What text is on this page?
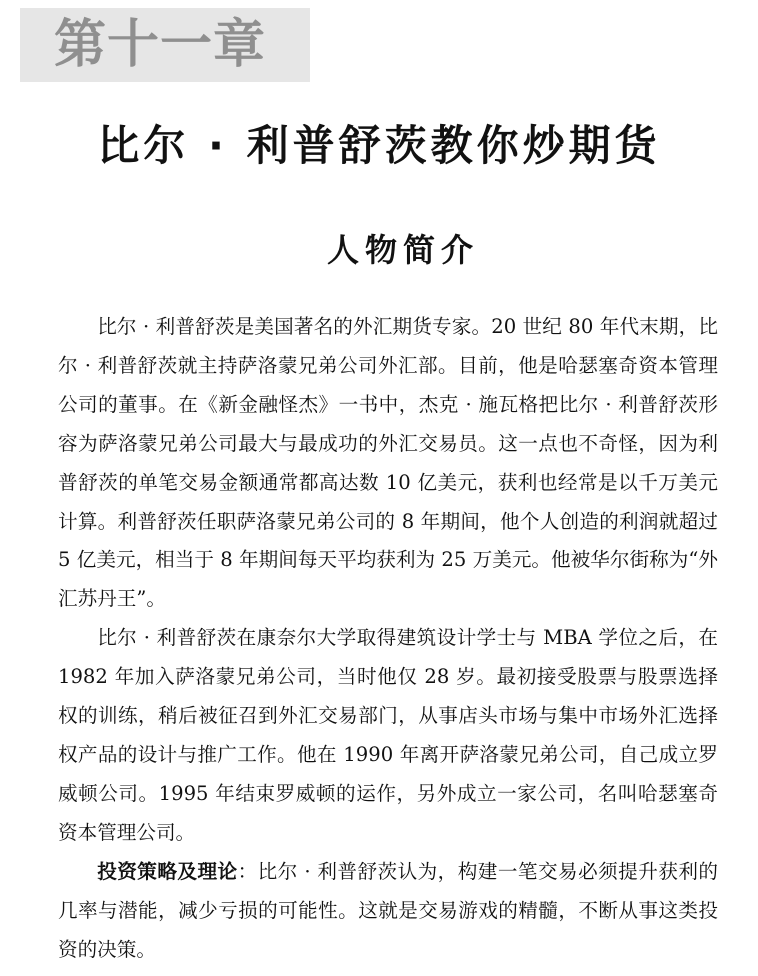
第十一章
比尔 · 利普舒茨教你炒期货
人物简介

比尔 · 利普舒茨是美国著名的外汇期货专家。20 世纪 80 年代末期，比尔 · 利普舒茨就主持萨洛蒙兄弟公司外汇部。目前，他是哈瑟塞奇资本管理公司的董事。在《新金融怪杰》一书中，杰克 · 施瓦格把比尔 · 利普舒茨形容为萨洛蒙兄弟公司最大与最成功的外汇交易员。这一点也不奇怪，因为利普舒茨的单笔交易金额通常都高达数 10 亿美元，获利也经常是以千万美元计算。利普舒茨任职萨洛蒙兄弟公司的 8 年期间，他个人创造的利润就超过 5 亿美元，相当于 8 年期间每天平均获利为 25 万美元。他被华尔街称为“外汇苏丹王”。

比尔 · 利普舒茨在康奈尔大学取得建筑设计学士与 MBA 学位之后，在 1982 年加入萨洛蒙兄弟公司，当时他仅 28 岁。最初接受股票与股票选择权的训练，稍后被征召到外汇交易部门，从事店头市场与集中市场外汇选择权产品的设计与推广工作。他在 1990 年离开萨洛蒙兄弟公司，自己成立罗威顿公司。1995 年结束罗威顿的运作，另外成立一家公司，名叫哈瑟塞奇资本管理公司。

投资策略及理论：比尔 · 利普舒茨认为，构建一笔交易必须提升获利的几率与潜能，减少亏损的可能性。这就是交易游戏的精髓，不断从事这类投资的决策。
